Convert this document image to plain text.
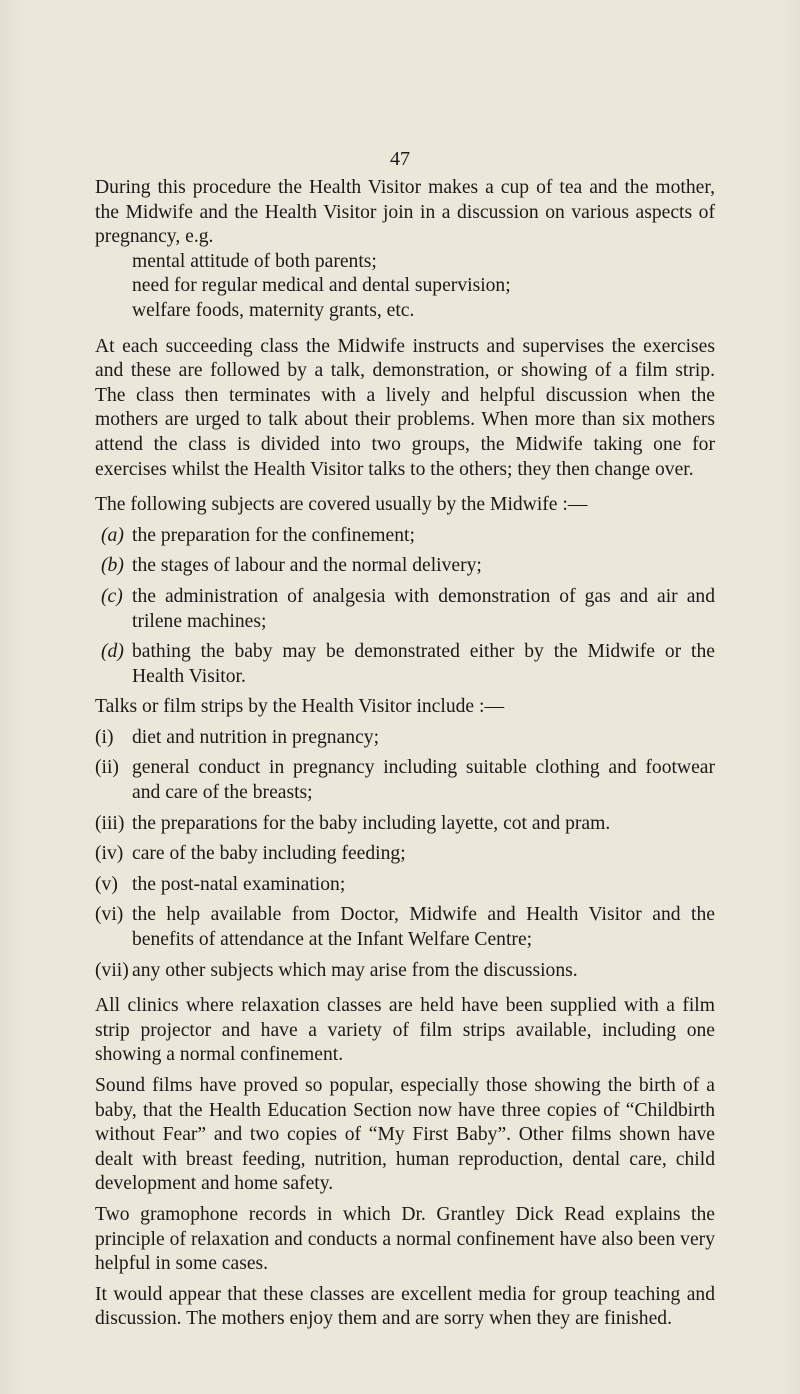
47

During this procedure the Health Visitor makes a cup of tea and the mother, the Midwife and the Health Visitor join in a discussion on various aspects of pregnancy, e.g.

mental attitude of both parents;

need for regular medical and dental supervision;

welfare foods, maternity grants, etc.

At each succeeding class the Midwife instructs and supervises the exercises and these are followed by a talk, demonstration, or showing of a film strip. The class then terminates with a lively and helpful discussion when the mothers are urged to talk about their problems. When more than six mothers attend the class is divided into two groups, the Midwife taking one for exercises whilst the Health Visitor talks to the others; they then change over.

The following subjects are covered usually by the Midwife :—

(a) the preparation for the confinement;
(b) the stages of labour and the normal delivery;
(c) the administration of analgesia with demonstration of gas and air and trilene machines;
(d) bathing the baby may be demonstrated either by the Midwife or the Health Visitor.

Talks or film strips by the Health Visitor include :—

(i) diet and nutrition in pregnancy;
(ii) general conduct in pregnancy including suitable clothing and footwear and care of the breasts;
(iii) the preparations for the baby including layette, cot and pram.
(iv) care of the baby including feeding;
(v) the post-natal examination;
(vi) the help available from Doctor, Midwife and Health Visitor and the benefits of attendance at the Infant Welfare Centre;
(vii) any other subjects which may arise from the discussions.

All clinics where relaxation classes are held have been supplied with a film strip projector and have a variety of film strips available, including one showing a normal confinement.

Sound films have proved so popular, especially those showing the birth of a baby, that the Health Education Section now have three copies of “Childbirth without Fear” and two copies of “My First Baby”. Other films shown have dealt with breast feeding, nutrition, human reproduction, dental care, child development and home safety.

Two gramophone records in which Dr. Grantley Dick Read explains the principle of relaxation and conducts a normal confinement have also been very helpful in some cases.

It would appear that these classes are excellent media for group teaching and discussion. The mothers enjoy them and are sorry when they are finished.
